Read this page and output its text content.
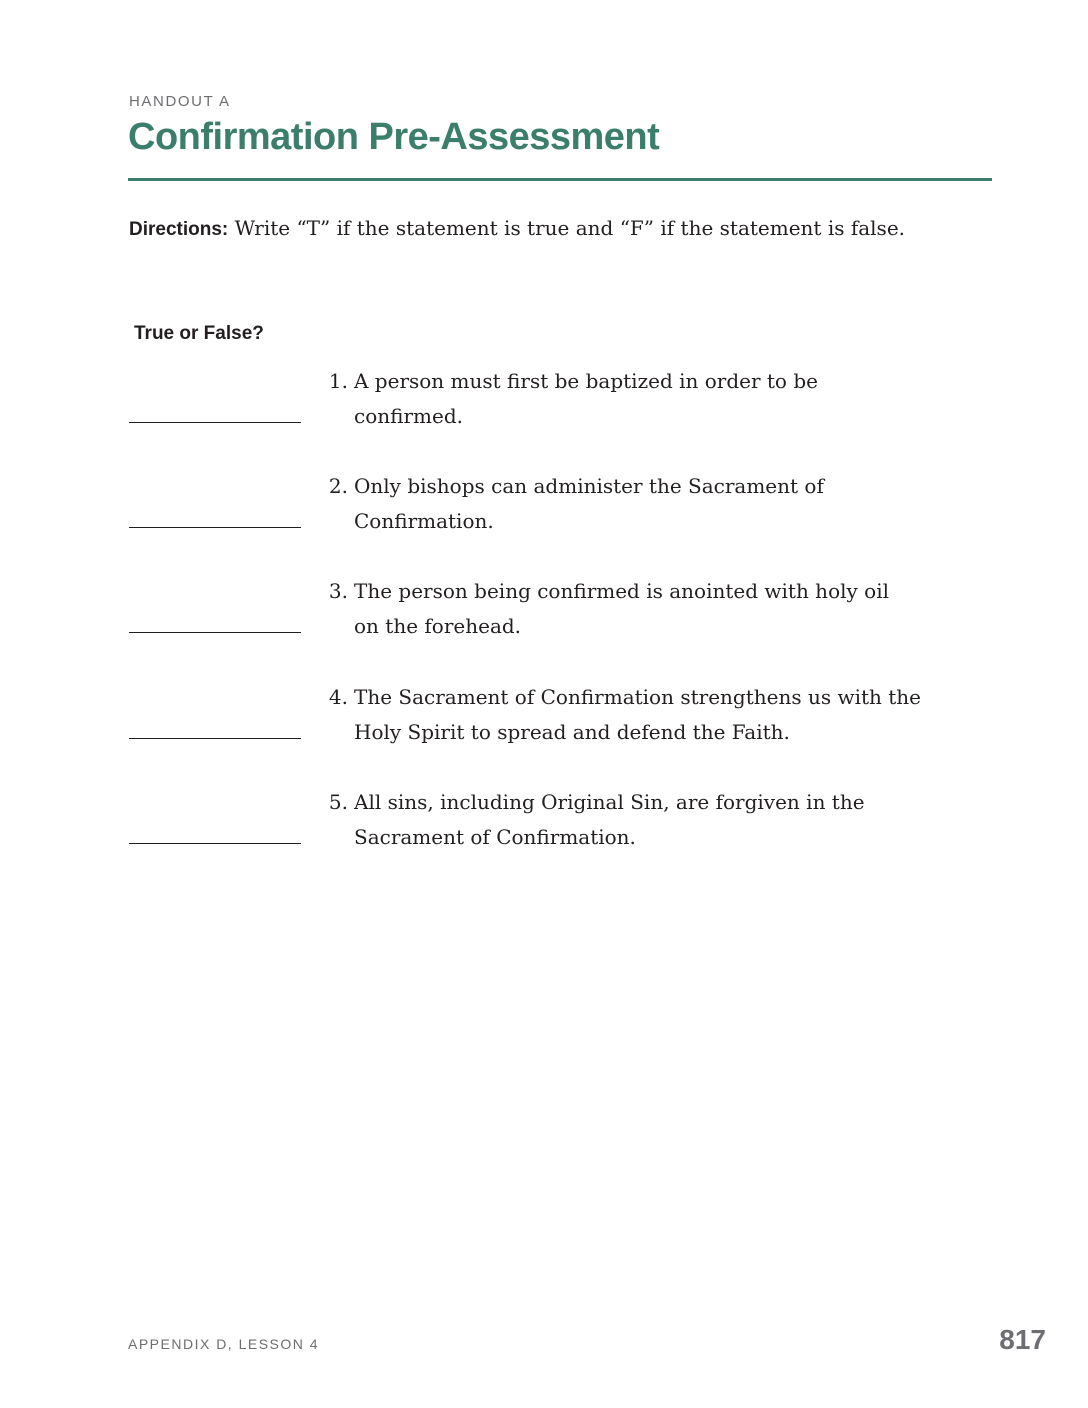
HANDOUT A
Confirmation Pre-Assessment
Directions: Write “T” if the statement is true and “F” if the statement is false.
True or False?
1. A person must first be baptized in order to be confirmed.
2. Only bishops can administer the Sacrament of Confirmation.
3. The person being confirmed is anointed with holy oil on the forehead.
4. The Sacrament of Confirmation strengthens us with the Holy Spirit to spread and defend the Faith.
5. All sins, including Original Sin, are forgiven in the Sacrament of Confirmation.
APPENDIX D, LESSON 4	817
